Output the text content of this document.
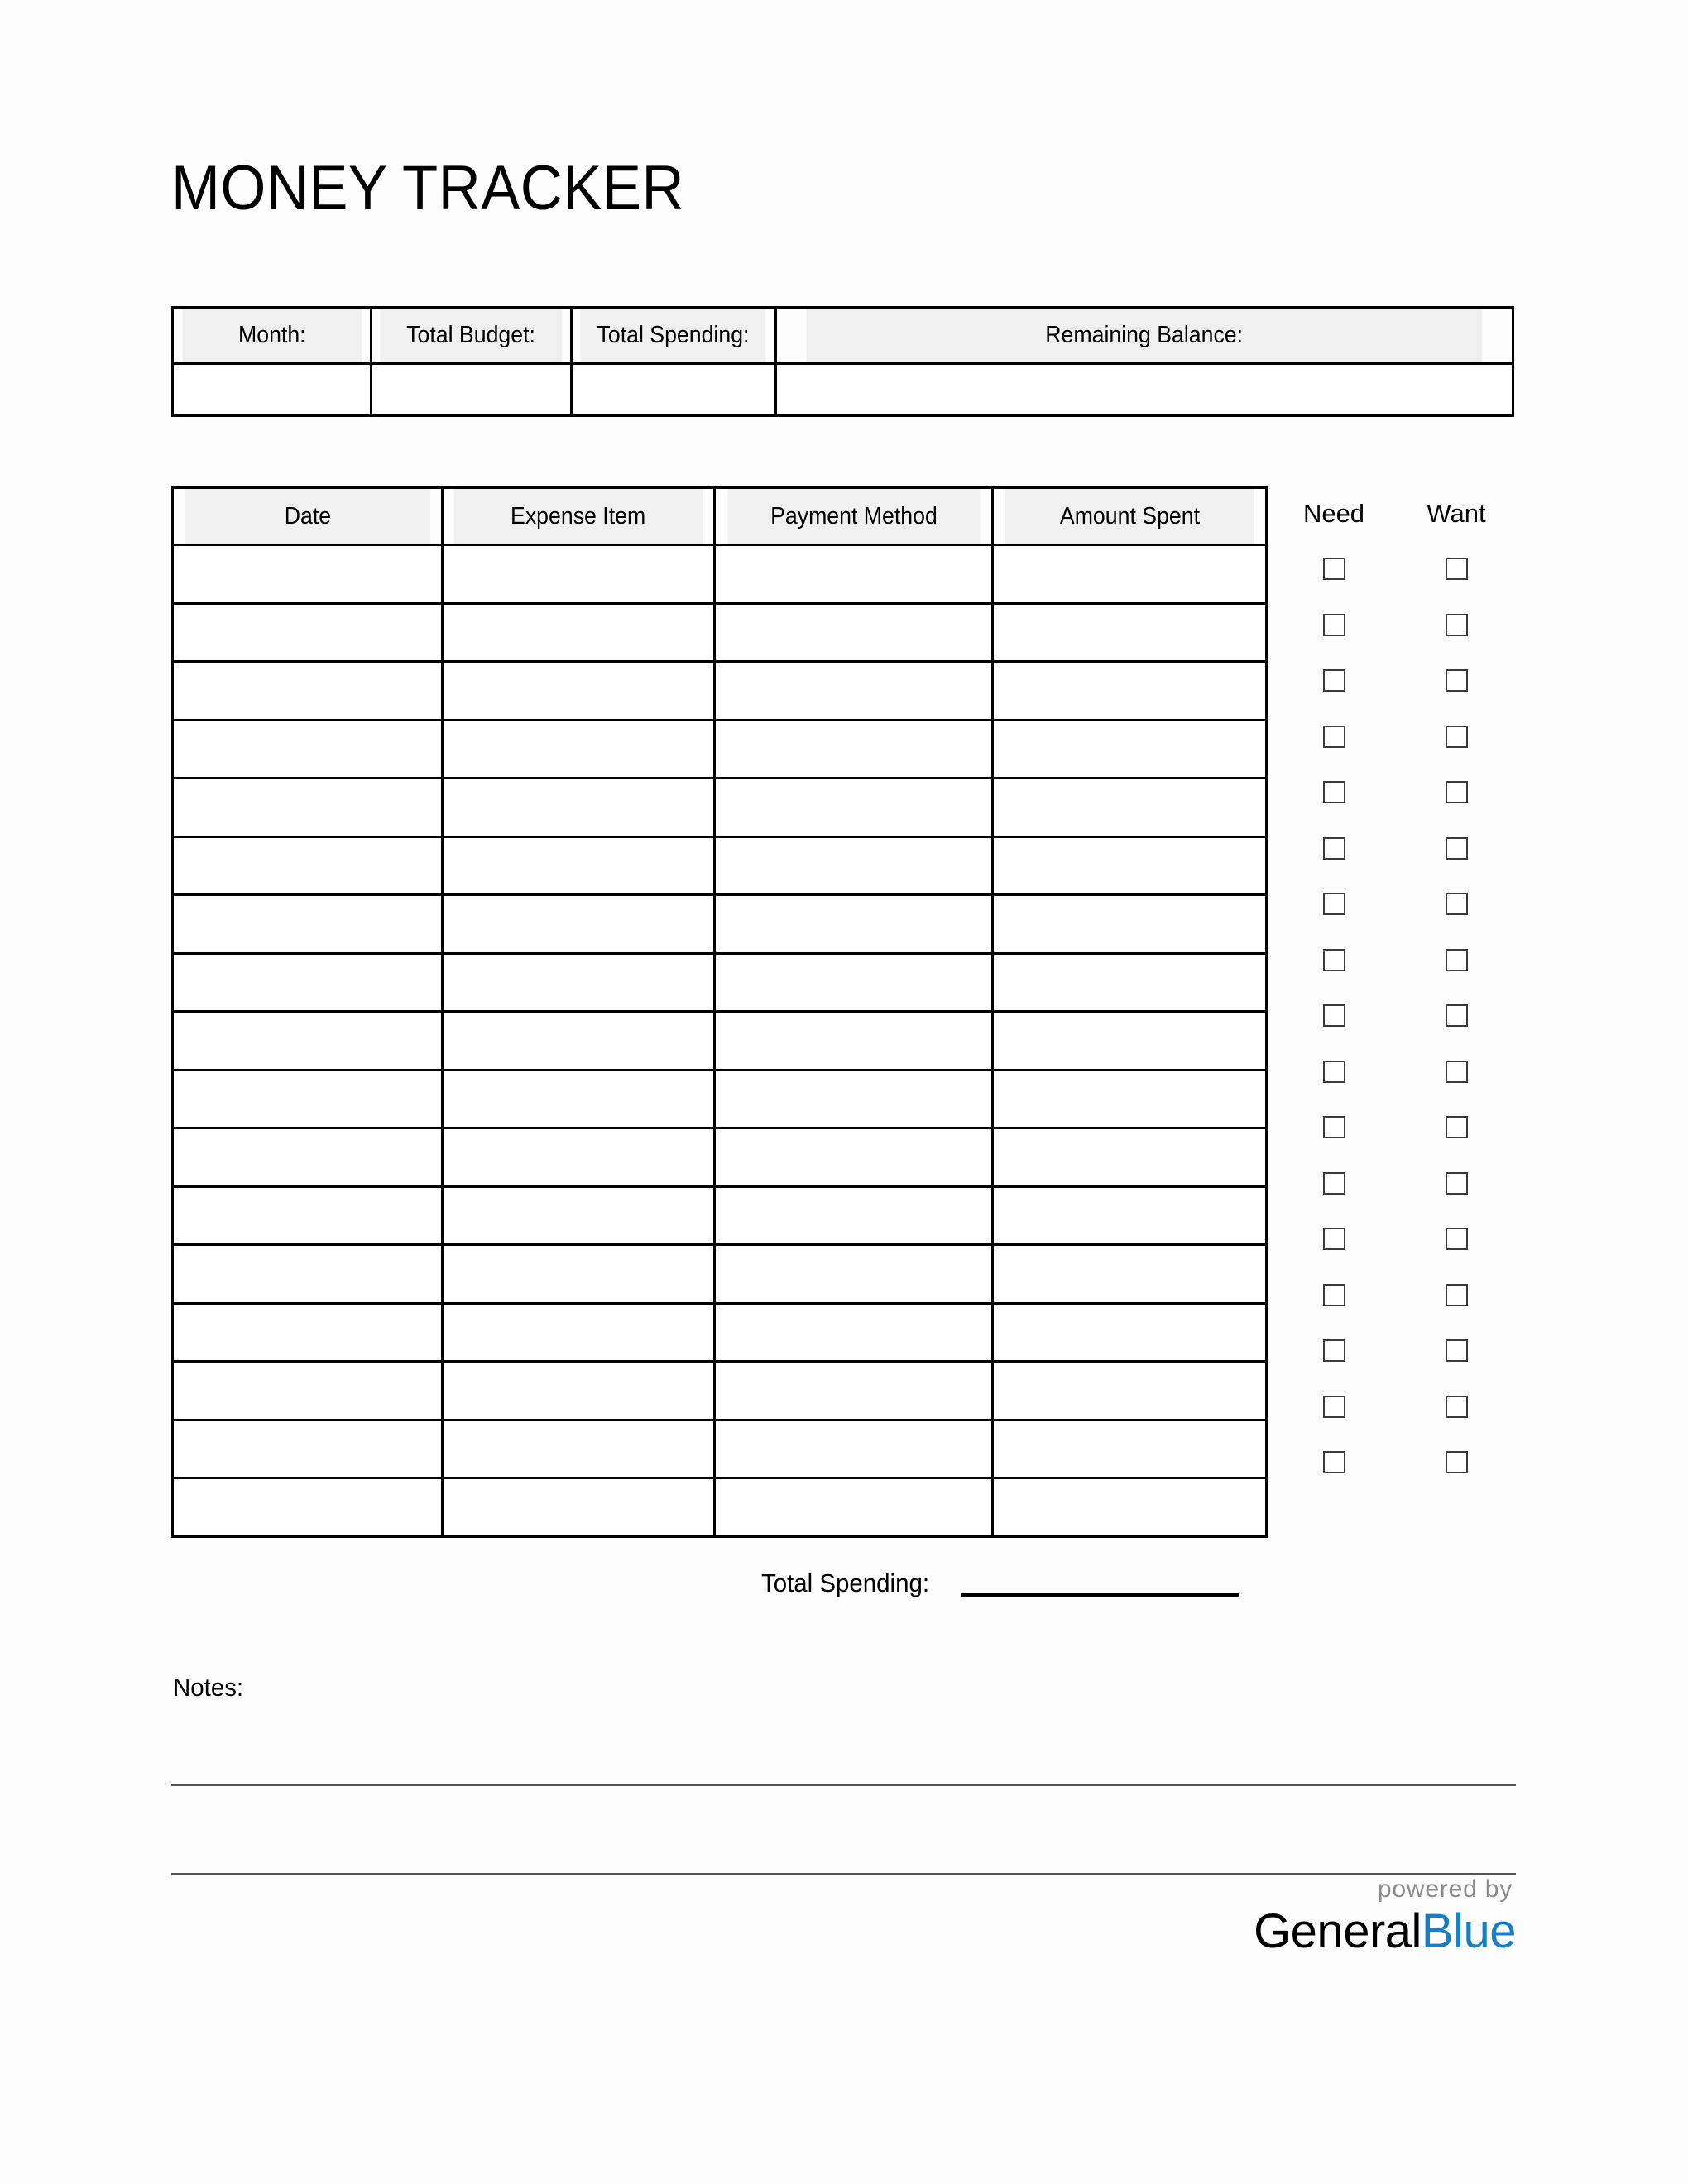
MONEY TRACKER
Month:	Total Budget:	Total Spending:	Remaining Balance:

Date	Expense Item	Payment Method	Amount Spent

				Need	Want
Total Spending:
Notes:
powered by
GeneralBlue
